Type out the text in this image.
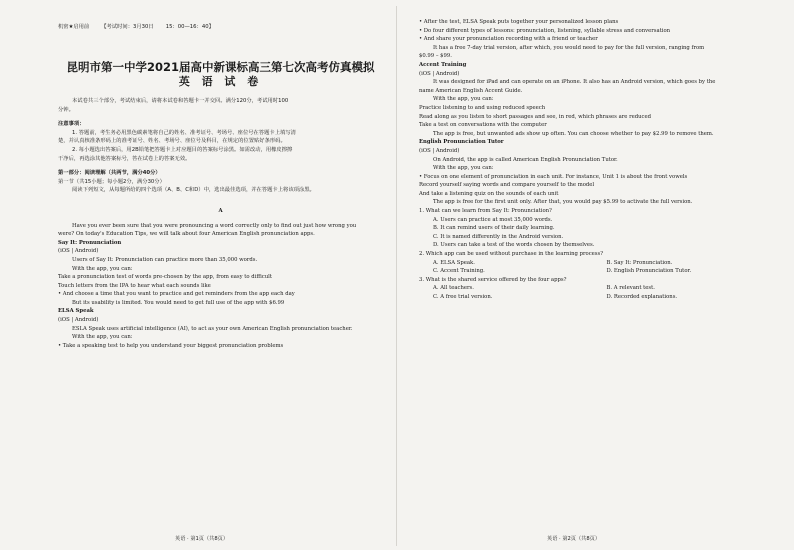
机密★启用前 【考试时间：3月30日 15：00—16：40】
昆明市第一中学2021届高中新课标高三第七次高考仿真模拟
英 语 试 卷
本试卷共三个部分，考试结束后，请将本试卷和答题卡一并交回。满分120分，考试用时100
分钟。
注意事项：
1. 答题前，考生务必用黑色碳素笔将自己的姓名、准考证号、考场号、座位号在答题卡上填写清
楚，并认真核准条形码上的准考证号、姓名、考场号、座位号及科目，在规定的位置贴好条形码。
2. 每小题选出答案后，用2B铅笔把答题卡上对应题目的答案标号涂黑。如需改动，用橡皮擦擦
干净后，再选涂其他答案标号，答在试卷上的答案无效。
第一部分：阅读理解（共两节，满分40分）
第一节（共15小题；每小题2分，满分30分）
阅读下列短文，从每题所给的四个选项（A、B、C和D）中，选出最佳选项，并在答题卡上将该项涂黑。
A
Have you ever been sure that you were pronouncing a word correctly only to find out just how wrong you
were? On today's Education Tips, we will talk about four American English pronunciation apps.
Say It: Pronunciation
(iOS | Android)
Users of Say It: Pronunciation can practice more than 35,000 words.
With the app, you can:
Take a pronunciation test of words pre-chosen by the app, from easy to difficult
Touch letters from the IPA to hear what each sounds like
• And choose a time that you want to practice and get reminders from the app each day
But its usability is limited. You would need to get full use of the app with $6.99
ELSA Speak
(iOS | Android)
ESLA Speak uses artificial intelligence (AI), to act as your own American English pronunciation teacher.
With the app, you can:
• Take a speaking test to help you understand your biggest pronunciation problems
英语 · 第1页（共8页）
• After the test, ELSA Speak puts together your personalized lesson plans
• Do four different types of lessons: pronunciation, listening, syllable stress and conversation
• And share your pronunciation recording with a friend or teacher
It has a free 7-day trial version, after which, you would need to pay for the full version, ranging from
$0.99 – $99.
Accent Training
(iOS | Android)
It was designed for iPad and can operate on an iPhone. It also has an Android version, which goes by the
name American English Accent Guide.
With the app, you can:
Practice listening to and using reduced speech
Read along as you listen to short passages and see, in red, which phrases are reduced
Take a test on conversations with the computer
The app is free, but unwanted ads show up often. You can choose whether to pay $2.99 to remove them.
English Pronunciation Tutor
(iOS | Android)
On Android, the app is called American English Pronunciation Tutor.
With the app, you can:
• Focus on one element of pronunciation in each unit. For instance, Unit 1 is about the front vowels
Record yourself saying words and compare yourself to the model
And take a listening quiz on the sounds of each unit
The app is free for the first unit only. After that, you would pay $5.99 to activate the full version.
1. What can we learn from Say It: Pronunciation?
A. Users can practice at most 35,000 words.
B. It can remind users of their daily learning.
C. It is named differently in the Android version.
D. Users can take a test of the words chosen by themselves.
2. Which app can be used without purchase in the learning process?
A. ELSA Speak.	B. Say It: Pronunciation.
C. Accent Training.	D. English Pronunciation Tutor.
3. What is the shared service offered by the four apps?
A. All teachers.	B. A relevant test.
C. A free trial version.	D. Recorded explanations.
英语 · 第2页（共8页）
